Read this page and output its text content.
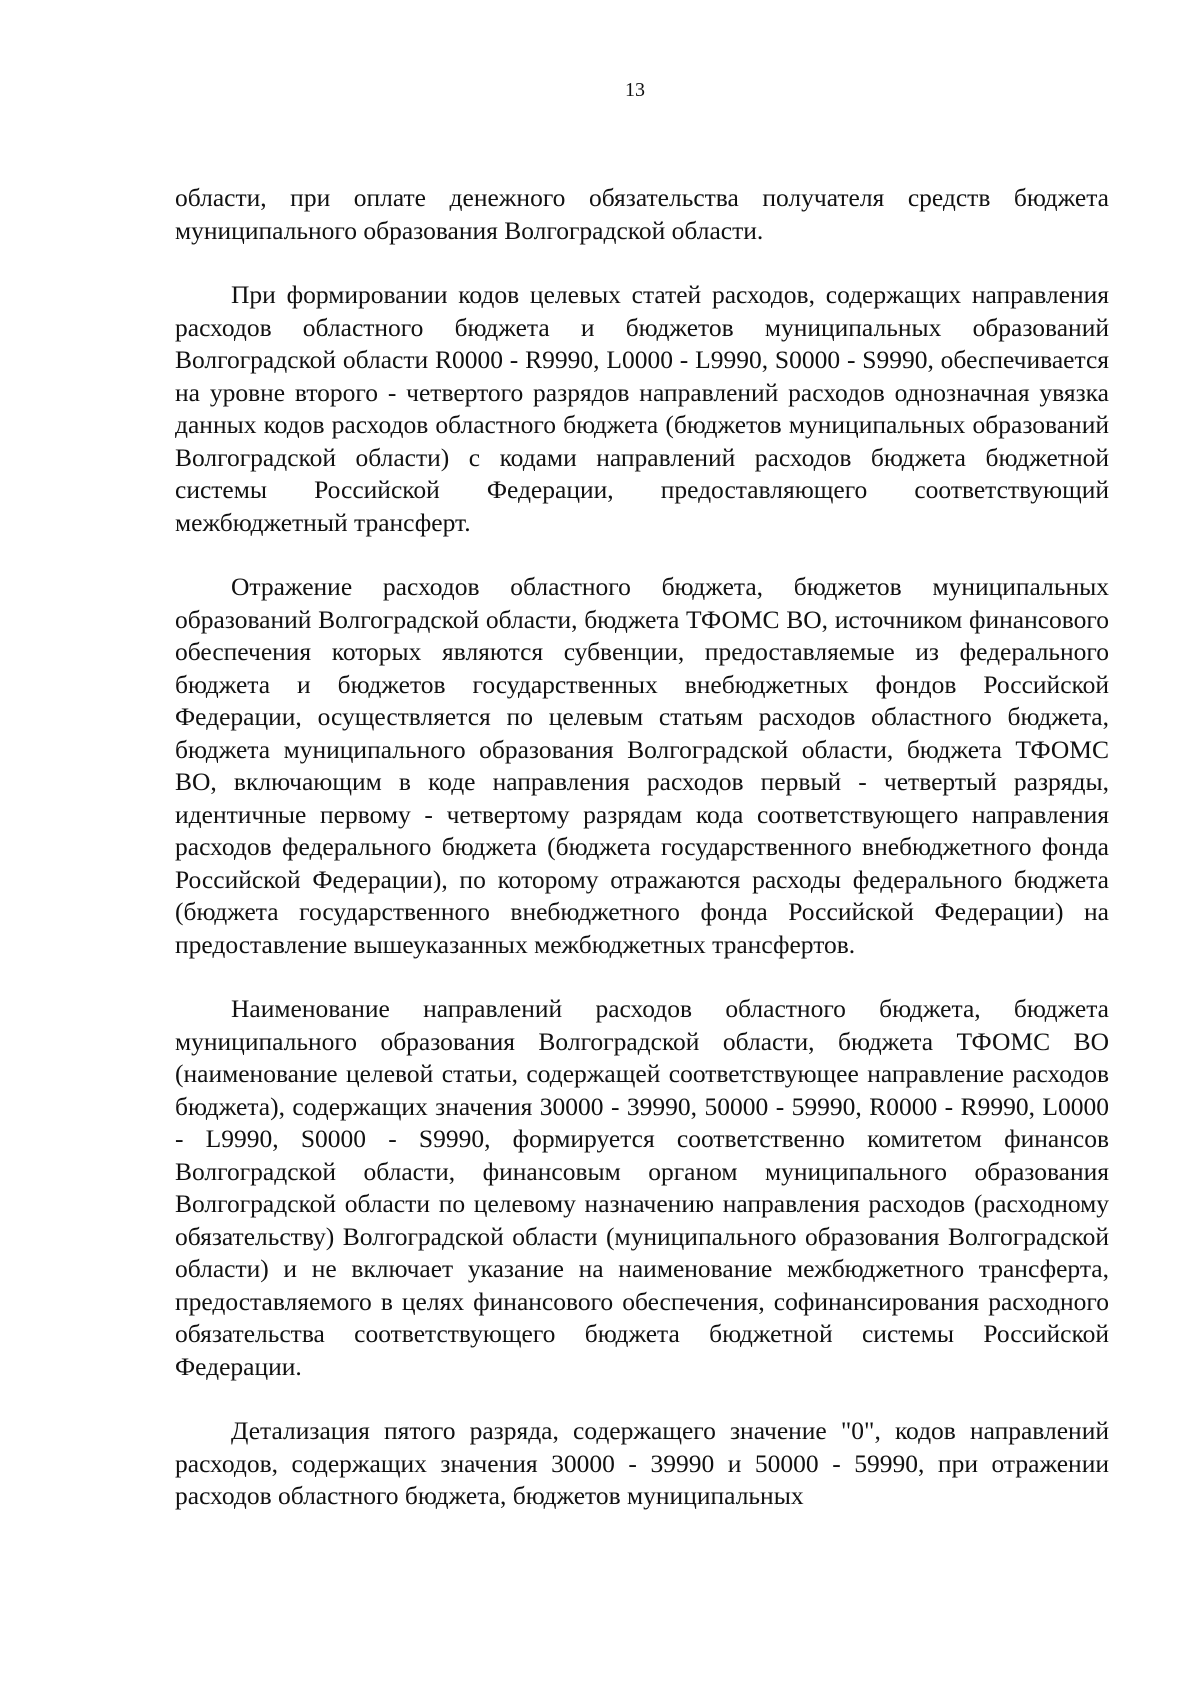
13

области, при оплате денежного обязательства получателя средств бюджета муниципального образования Волгоградской области.

При формировании кодов целевых статей расходов, содержащих направления расходов областного бюджета и бюджетов муниципальных образований Волгоградской области R0000 - R9990, L0000 - L9990, S0000 - S9990, обеспечивается на уровне второго - четвертого разрядов направлений расходов однозначная увязка данных кодов расходов областного бюджета (бюджетов муниципальных образований Волгоградской области) с кодами направлений расходов бюджета бюджетной системы Российской Федерации, предоставляющего соответствующий межбюджетный трансферт.

Отражение расходов областного бюджета, бюджетов муниципальных образований Волгоградской области, бюджета ТФОМС ВО, источником финансового обеспечения которых являются субвенции, предоставляемые из федерального бюджета и бюджетов государственных внебюджетных фондов Российской Федерации, осуществляется по целевым статьям расходов областного бюджета, бюджета муниципального образования Волгоградской области, бюджета ТФОМС ВО, включающим в коде направления расходов первый - четвертый разряды, идентичные первому - четвертому разрядам кода соответствующего направления расходов федерального бюджета (бюджета государственного внебюджетного фонда Российской Федерации), по которому отражаются расходы федерального бюджета (бюджета государственного внебюджетного фонда Российской Федерации) на предоставление вышеуказанных межбюджетных трансфертов.

Наименование направлений расходов областного бюджета, бюджета муниципального образования Волгоградской области, бюджета ТФОМС ВО (наименование целевой статьи, содержащей соответствующее направление расходов бюджета), содержащих значения 30000 - 39990, 50000 - 59990, R0000 - R9990, L0000 - L9990, S0000 - S9990, формируется соответственно комитетом финансов Волгоградской области, финансовым органом муниципального образования Волгоградской области по целевому назначению направления расходов (расходному обязательству) Волгоградской области (муниципального образования Волгоградской области) и не включает указание на наименование межбюджетного трансферта, предоставляемого в целях финансового обеспечения, софинансирования расходного обязательства соответствующего бюджета бюджетной системы Российской Федерации.

Детализация пятого разряда, содержащего значение "0", кодов направлений расходов, содержащих значения 30000 - 39990 и 50000 - 59990, при отражении расходов областного бюджета, бюджетов муниципальных
